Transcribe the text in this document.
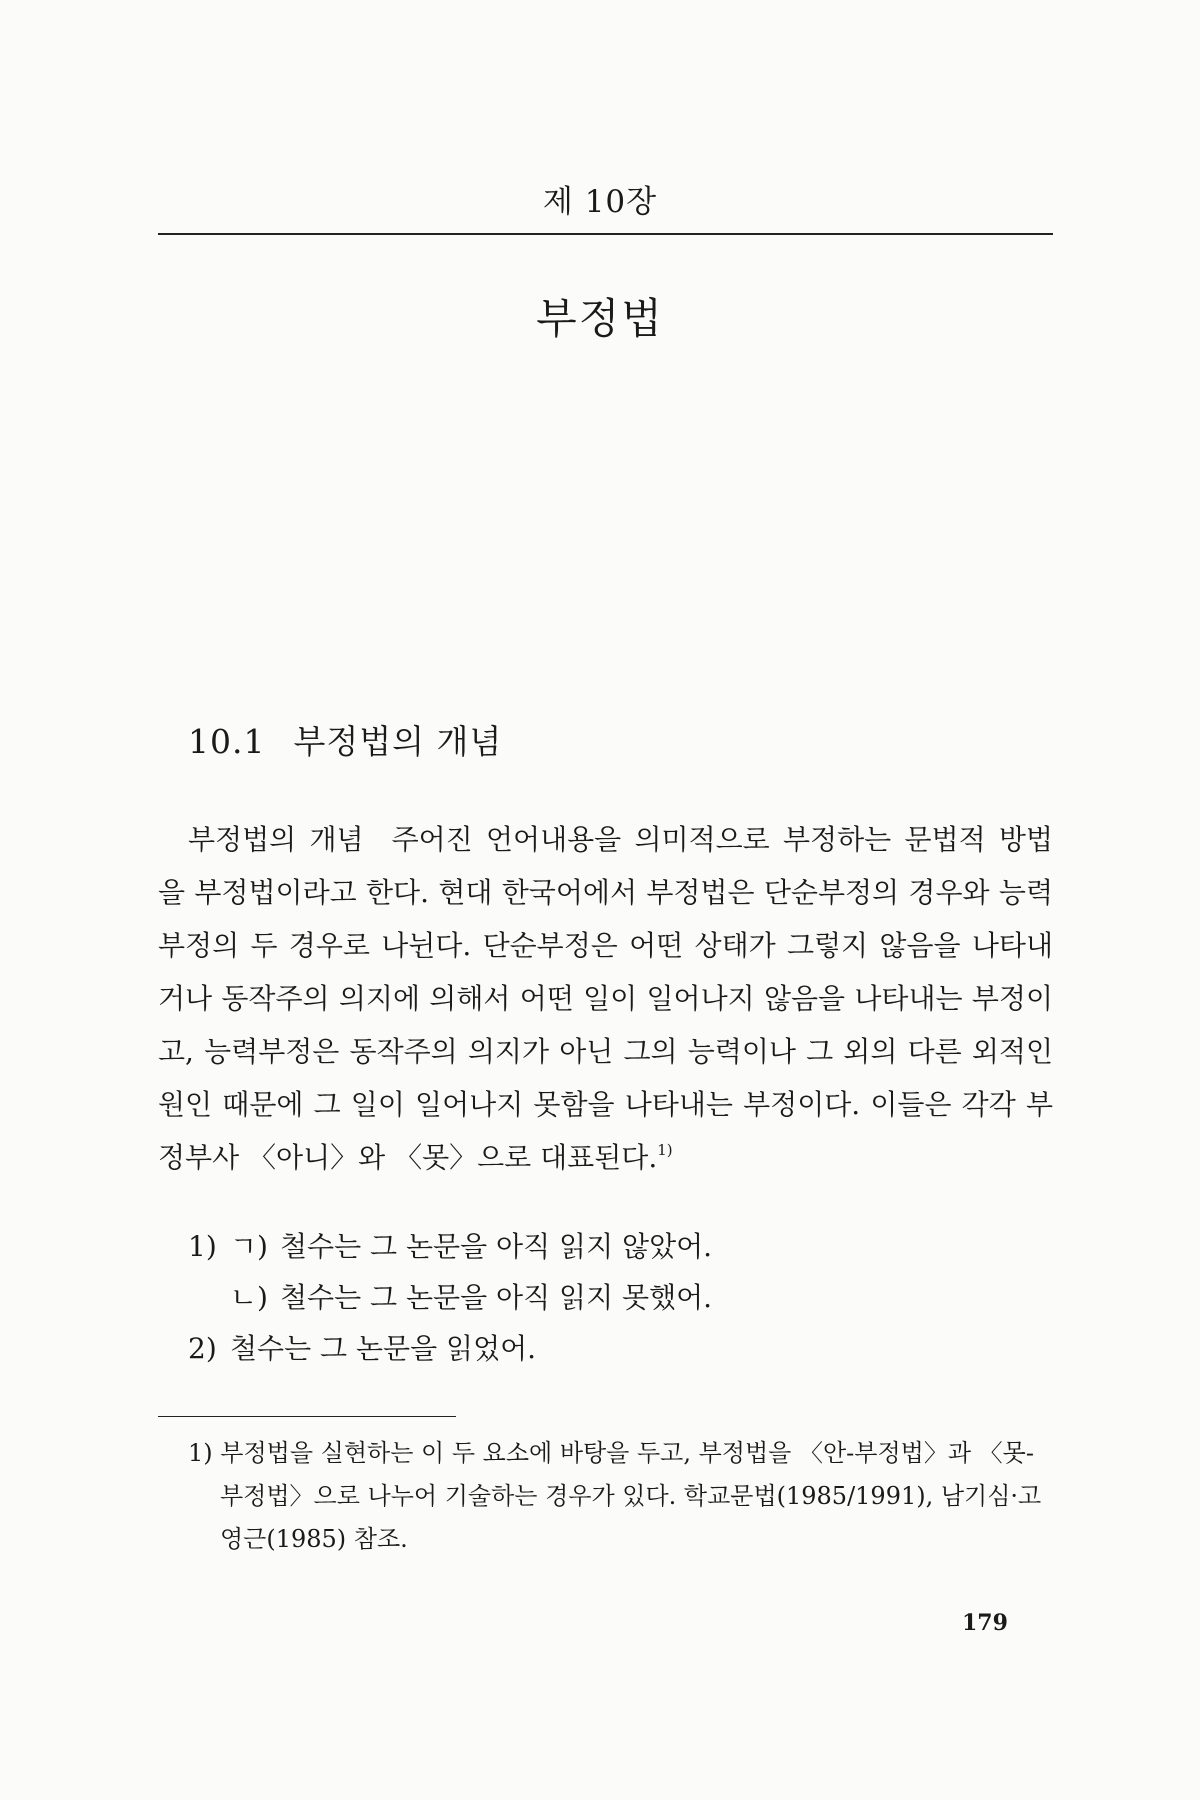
제 10장
부정법
10.1 부정법의 개념

부정법의 개념 주어진 언어내용을 의미적으로 부정하는 문법적 방법을 부정법이라고 한다. 현대 한국어에서 부정법은 단순부정의 경우와 능력부정의 두 경우로 나뉜다. 단순부정은 어떤 상태가 그렇지 않음을 나타내거나 동작주의 의지에 의해서 어떤 일이 일어나지 않음을 나타내는 부정이고, 능력부정은 동작주의 의지가 아닌 그의 능력이나 그 외의 다른 외적인 원인 때문에 그 일이 일어나지 못함을 나타내는 부정이다. 이들은 각각 부정부사 〈아니〉와 〈못〉으로 대표된다.$^{1)}$

1) ㄱ) 철수는 그 논문을 아직 읽지 않았어.
ㄴ) 철수는 그 논문을 아직 읽지 못했어.
2) 철수는 그 논문을 읽었어.
1) 부정법을 실현하는 이 두 요소에 바탕을 두고, 부정법을 〈안-부정법〉과 〈못-
부정법〉으로 나누어 기술하는 경우가 있다. 학교문법(1985/1991), 남기심·고
영근(1985) 참조.
179
